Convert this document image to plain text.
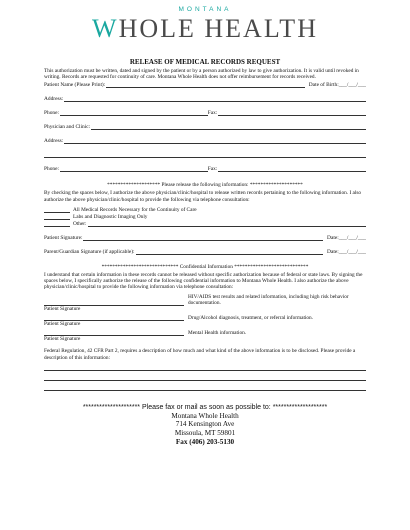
MONTANA
WHOLE HEALTH
RELEASE OF MEDICAL RECORDS REQUEST
This authorization must be written, dated and signed by the patient or by a person authorized by law to give authorization. It is valid until revoked in writing. Records are requested for continuity of care. Montana Whole Health does not offer reimbursement for records received.
Patient Name (Please Print):	Date of Birth: ___/___/___
Address:
Phone:	Fax:
Physician and Clinic:
Address:
Phone:	Fax:
******************** Please release the following information: ********************
By checking the spaces below, I authorize the above physician/clinic/hospital to release written records pertaining to the following information. I also authorize the above physician/clinic/hospital to provide the following via telephone consultation:
All Medical Records Necessary for the Continuity of Care
Labs and Diagnostic Imaging Only
Other:
Patient Signature:	Date: ___/___/___
Parent/Guardian Signature (if applicable):	Date: ___/___/___
***************************** Confidential Information ****************************
I understand that certain information in these records cannot be released without specific authorization because of federal or state laws. By signing the spaces below, I specifically authorize the release of the following confidential information to Montana Whole Health. I also authorize the above physician/clinic/hospital to provide the following information via telephone consultation:
HIV/AIDS test results and related information, including high risk behavior documentation.
Patient Signature
Drug/Alcohol diagnosis, treatment, or referral information.
Patient Signature
Mental Health information.
Patient Signature
Federal Regulation, 42 CFR Part 2, requires a description of how much and what kind of the above information is to be disclosed. Please provide a description of this information:
********************* Please fax or mail as soon as possible to: ********************
Montana Whole Health
714 Kensington Ave
Missoula, MT 59801
Fax (406) 203-5130
